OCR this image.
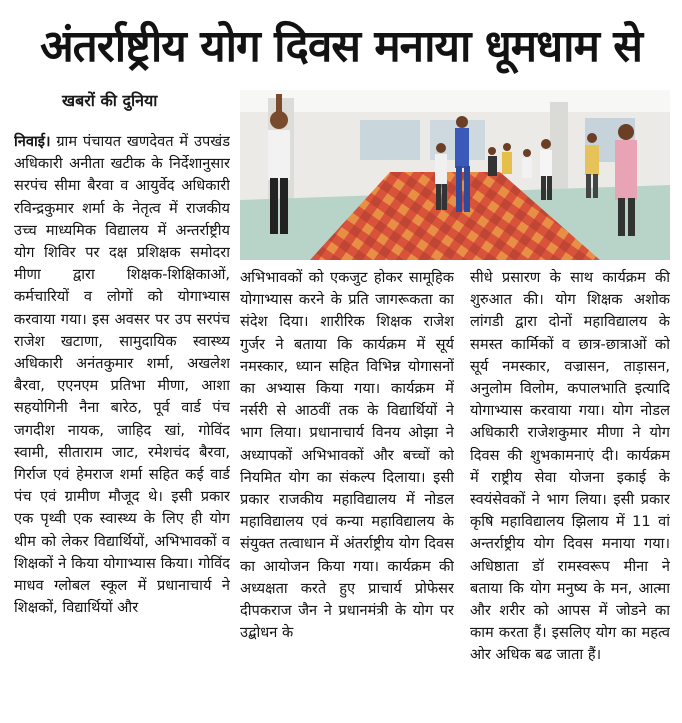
अंतर्राष्ट्रीय योग दिवस मनाया धूमधाम से
खबरों की दुनिया

निवाई। ग्राम पंचायत खणदेवत में उपखंड अधिकारी अनीता खटीक के निर्देशानुसार सरपंच सीमा बैरवा व आयुर्वेद अधिकारी रविन्द्रकुमार शर्मा के नेतृत्व में राजकीय उच्च माध्यमिक विद्यालय में अन्तर्राष्ट्रीय योग शिविर पर दक्ष प्रशिक्षक समोदरा मीणा द्वारा शिक्षक-शिक्षिकाओं, कर्मचारियों व लोगों को योगाभ्यास करवाया गया। इस अवसर पर उप सरपंच राजेश खटाणा, सामुदायिक स्वास्थ्य अधिकारी अनंतकुमार शर्मा, अखलेश बैरवा, एएनएम प्रतिभा मीणा, आशा सहयोगिनी नैना बारेठ, पूर्व वार्ड पंच जगदीश नायक, जाहिद खां, गोविंद स्वामी, सीताराम जाट, रमेशचंद बैरवा, गिर्राज एवं हेमराज शर्मा सहित कई वार्ड पंच एवं ग्रामीण मौजूद थे। इसी प्रकार एक पृथ्वी एक स्वास्थ्य के लिए ही योग थीम को लेकर विद्यार्थियों, अभिभावकों व शिक्षकों ने किया योगाभ्यास किया। गोविंद माधव ग्लोबल स्कूल में प्रधानाचार्य ने शिक्षकों, विद्यार्थियों और

अभिभावकों को एकजुट होकर सामूहिक योगाभ्यास करने के प्रति जागरूकता का संदेश दिया। शारीरिक शिक्षक राजेश गुर्जर ने बताया कि कार्यक्रम में सूर्य नमस्कार, ध्यान सहित विभिन्न योगासनों का अभ्यास किया गया। कार्यक्रम में नर्सरी से आठवीं तक के विद्यार्थियों ने भाग लिया। प्रधानाचार्य विनय ओझा ने अध्यापकों अभिभावकों और बच्चों को नियमित योग का संकल्प दिलाया। इसी प्रकार राजकीय महाविद्यालय में नोडल महाविद्यालय एवं कन्या महाविद्यालय के संयुक्त तत्वाधान में अंतर्राष्ट्रीय योग दिवस का आयोजन किया गया। कार्यक्रम की अध्यक्षता करते हुए प्राचार्य प्रोफेसर दीपकराज जैन ने प्रधानमंत्री के योग पर उद्बोधन के

सीधे प्रसारण के साथ कार्यक्रम की शुरुआत की। योग शिक्षक अशोक लांगडी द्वारा दोनों महाविद्यालय के समस्त कार्मिकों व छात्र-छात्राओं को सूर्य नमस्कार, वज्रासन, ताड़ासन, अनुलोम विलोम, कपालभाति इत्यादि योगाभ्यास करवाया गया। योग नोडल अधिकारी राजेशकुमार मीणा ने योग दिवस की शुभकामनाएं दी। कार्यक्रम में राष्ट्रीय सेवा योजना इकाई के स्वयंसेवकों ने भाग लिया। इसी प्रकार कृषि महाविद्यालय झिलाय में 11 वां अन्तर्राष्ट्रीय योग दिवस मनाया गया। अधिष्ठाता डॉ रामस्वरूप मीना ने बताया कि योग मनुष्य के मन, आत्मा और शरीर को आपस में जोडने का काम करता हैं। इसलिए योग का महत्व ओर अधिक बढ जाता हैं।
